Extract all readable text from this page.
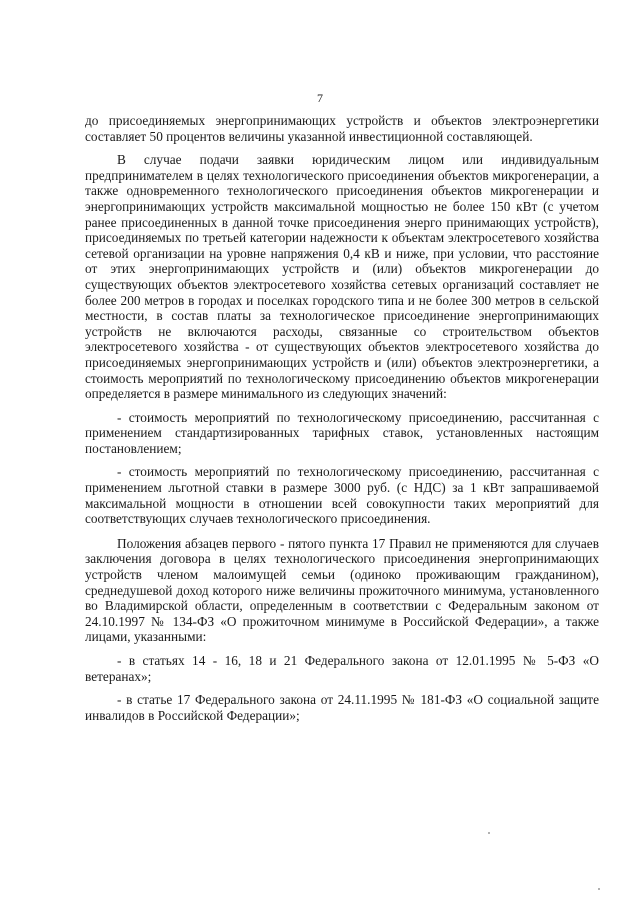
7

до присоединяемых энергопринимающих устройств и объектов электроэнергетики составляет 50 процентов величины указанной инвестиционной составляющей.

В случае подачи заявки юридическим лицом или индивидуальным предпринимателем в целях технологического присоединения объектов микрогенерации, а также одновременного технологического присоединения объектов микрогенерации и энергопринимающих устройств максимальной мощностью не более 150 кВт (с учетом ранее присоединенных в данной точке присоединения энерго принимающих устройств), присоединяемых по третьей категории надежности к объектам электросетевого хозяйства сетевой организации на уровне напряжения 0,4 кВ и ниже, при условии, что расстояние от этих энергопринимающих устройств и (или) объектов микрогенерации до существующих объектов электросетевого хозяйства сетевых организаций составляет не более 200 метров в городах и поселках городского типа и не более 300 метров в сельской местности, в состав платы за технологическое присоединение энергопринимающих устройств не включаются расходы, связанные со строительством объектов электросетевого хозяйства - от существующих объектов электросетевого хозяйства до присоединяемых энергопринимающих устройств и (или) объектов электроэнергетики, а стоимость мероприятий по технологическому присоединению объектов микрогенерации определяется в размере минимального из следующих значений:

- стоимость мероприятий по технологическому присоединению, рассчитанная с применением стандартизированных тарифных ставок, установленных настоящим постановлением;

- стоимость мероприятий по технологическому присоединению, рассчитанная с применением льготной ставки в размере 3000 руб. (с НДС) за 1 кВт запрашиваемой максимальной мощности в отношении всей совокупности таких мероприятий для соответствующих случаев технологического присоединения.

Положения абзацев первого - пятого пункта 17 Правил не применяются для случаев заключения договора в целях технологического присоединения энергопринимающих устройств членом малоимущей семьи (одиноко проживающим гражданином), среднедушевой доход которого ниже величины прожиточного минимума, установленного во Владимирской области, определенным в соответствии с Федеральным законом от 24.10.1997 № 134-ФЗ «О прожиточном минимуме в Российской Федерации», а также лицами, указанными:

- в статьях 14 - 16, 18 и 21 Федерального закона от 12.01.1995 № 5-ФЗ «О ветеранах»;

- в статье 17 Федерального закона от 24.11.1995 № 181-ФЗ «О социальной защите инвалидов в Российской Федерации»;
